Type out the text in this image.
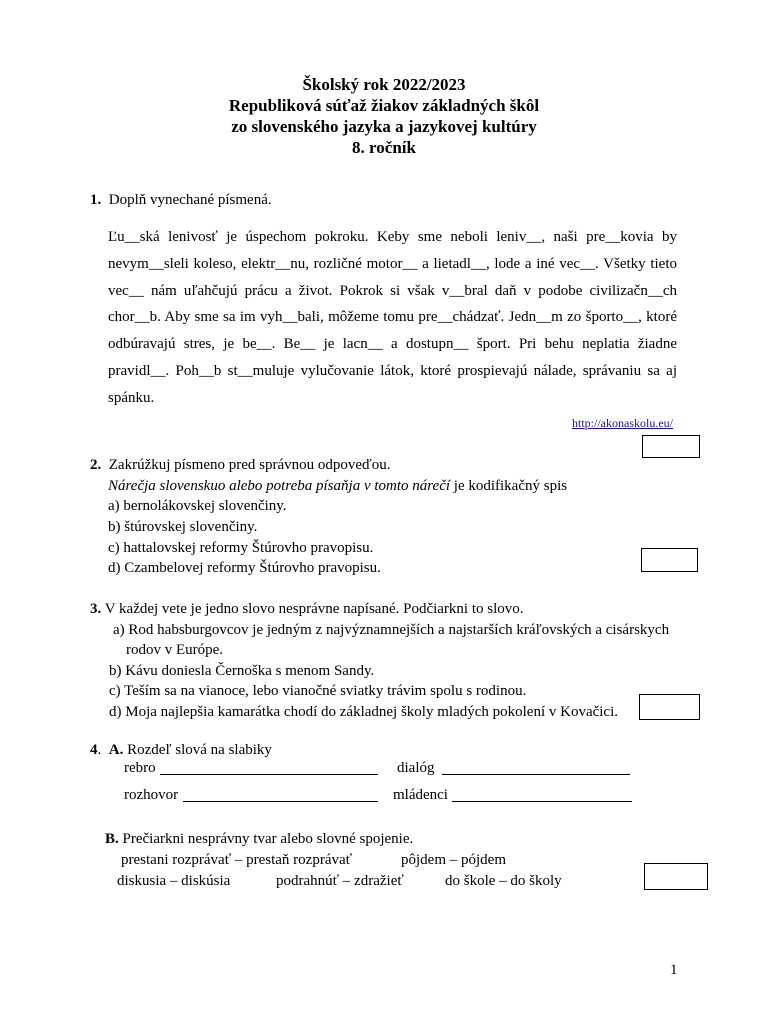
Školský rok 2022/2023
Republiková súťaž žiakov základných škôl
zo slovenského jazyka a jazykovej kultúry
8. ročník
1. Doplň vynechané písmená.
Ľu__ská lenivosť je úspechom pokroku. Keby sme neboli leniv__, naši pre__kovia by
nevym__sleli koleso, elektr__nu, rozličné motor__ a lietadl__, lode a iné vec__. Všetky tieto
vec__ nám uľahčujú prácu a život. Pokrok si však v__bral daň v podobe civilizačn__ch
chor__b. Aby sme sa im vyh__bali, môžeme tomu pre__chádzať. Jedn__m zo športo__, ktoré
odbúravajú stres, je be__. Be__ je lacn__ a dostupn__ šport. Pri behu neplatia žiadne
pravidl__. Poh__b st__muluje vylučovanie látok, ktoré prospievajú nálade, správaniu sa aj
spánku.
http://akonaskolu.eu/
2. Zakrúžkuj písmeno pred správnou odpoveďou.
Nárečja slovenskuo alebo potreba písaňja v tomto nárečí je kodifikačný spis
a) bernolákovskej slovenčiny.
b) štúrovskej slovenčiny.
c) hattalovskej reformy Štúrovho pravopisu.
d) Czambelovej reformy Štúrovho pravopisu.
3. V každej vete je jedno slovo nesprávne napísané. Podčiarkni to slovo.
a) Rod habsburgovcov je jedným z najvýznamnejších a najstarších kráľovských a cisárskych
rodov v Európe.
b) Kávu doniesla Černoška s menom Sandy.
c) Teším sa na vianoce, lebo vianočné sviatky trávim spolu s rodinou.
d) Moja najlepšia kamarátka chodí do základnej školy mladých pokolení v Kovačici.
4. A. Rozdeľ slová na slabiky
rebro	dialóg
rozhovor	mládenci
B. Prečiarkni nesprávny tvar alebo slovné spojenie.
prestani rozprávať – prestaň rozprávať	pôjdem – pójdem
diskusia – diskúsia	podrahnúť – zdražieť	do škole – do školy
1
